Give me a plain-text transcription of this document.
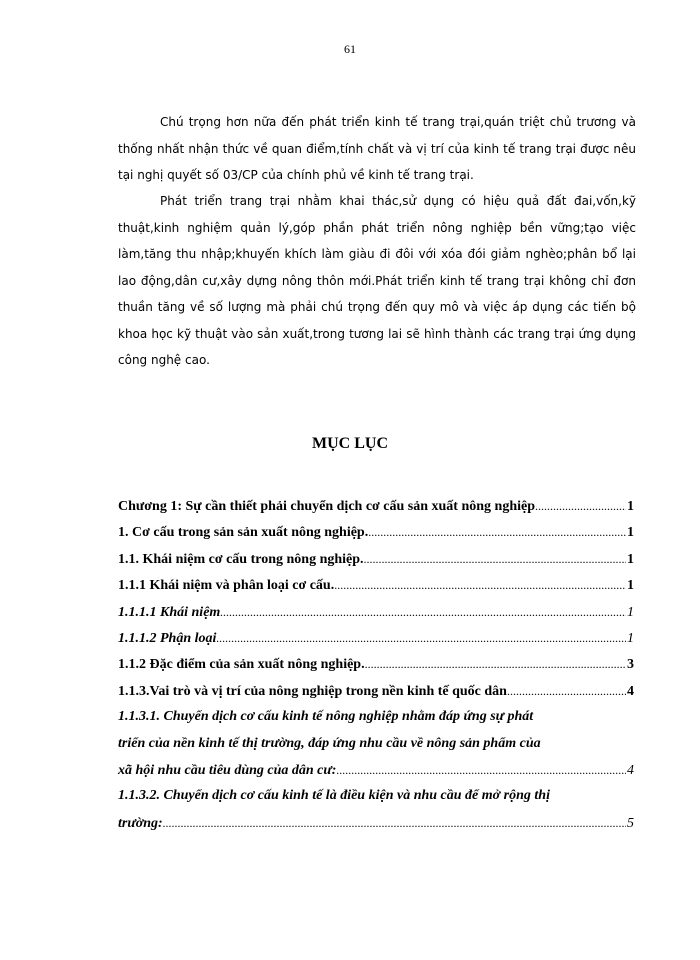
61

Chú trọng hơn nữa đến phát triển kinh tế trang trại,quán triệt chủ trương và thống nhất nhận thức về quan điểm,tính chất và vị trí của kinh tế trang trại được nêu tại nghị quyết số 03/CP của chính phủ về kinh tế trang trại.

Phát triển trang trại nhằm khai thác,sử dụng có hiệu quả đất đai,vốn,kỹ thuật,kinh nghiệm quản lý,góp phần phát triển nông nghiệp bền vững;tạo việc làm,tăng thu nhập;khuyến khích làm giàu đi đôi với xóa đói giảm nghèo;phân bổ lại lao động,dân cư,xây dựng nông thôn mới.Phát triển kinh tế trang trại không chỉ đơn thuần tăng về số lượng mà phải chú trọng đến quy mô và việc áp dụng các tiến bộ khoa học kỹ thuật vào sản xuất,trong tương lai sẽ hình thành các trang trại ứng dụng công nghệ cao.

MỤC LỤC
Chương 1: Sự cần thiết phải chuyển dịch cơ cấu sản xuất nông nghiệp .....	1
1. Cơ cấu trong sản sản xuất nông nghiệp. .....	1
1.1. Khái niệm cơ cấu trong nông nghiệp. .....	1
1.1.1 Khái niệm và phân loại cơ cấu. .....	1
1.1.1.1 Khái niệm .....	1
1.1.1.2 Phận loại .....	1
1.1.2 Đặc điểm của sản xuất nông nghiệp. .....	3
1.1.3.Vai trò và vị trí của nông nghiệp trong nền kinh tế quốc dân .....	4
1.1.3.1. Chuyển dịch cơ cấu kinh tế nông nghiệp nhằm đáp ứng sự phát
triển của nền kinh tế thị trường, đáp ứng nhu cầu về nông sản phẩm của
xã hội nhu cầu tiêu dùng của dân cư: .....	4
1.1.3.2. Chuyển dịch cơ cấu kinh tế là điều kiện và nhu cầu để mở rộng thị
trường: .....	5
